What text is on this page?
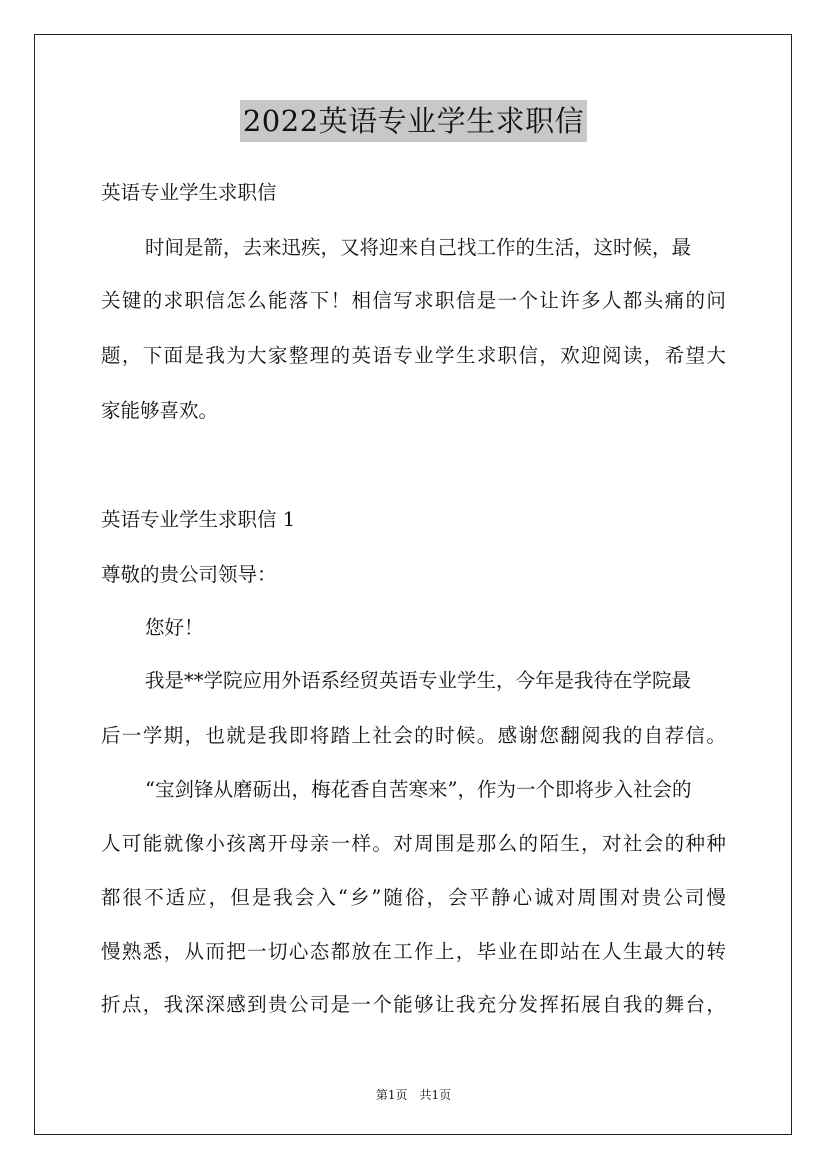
2022英语专业学生求职信
英语专业学生求职信
时间是箭，去来迅疾，又将迎来自己找工作的生活，这时候，最
关 键 的 求 职 信 怎 么 能 落 下 ！ 相 信 写 求 职 信 是 一 个 让 许 多 人 都 头 痛 的 问
题 ， 下 面 是 我 为 大 家 整 理 的 英 语 专 业 学 生 求 职 信 ， 欢 迎 阅 读 ， 希 望 大
家能够喜欢。
英语专业学生求职信 1
尊敬的贵公司领导：
您好！
我是**学院应用外语系经贸英语专业学生，今年是我待在学院最
后 一 学 期 ， 也 就 是 我 即 将 踏 上 社 会 的 时 候 。 感 谢 您 翻 阅 我 的 自 荐 信 。
“宝剑锋从磨砺出，梅花香自苦寒来”，作为一个即将步入社会的
人 可 能 就 像 小 孩 离 开 母 亲 一 样 。 对 周 围 是 那 么 的 陌 生 ， 对 社 会 的 种 种
都 很 不 适 应 ， 但 是 我 会 入 “ 乡 ” 随 俗 ， 会 平 静 心 诚 对 周 围 对 贵 公 司 慢
慢 熟 悉 ， 从 而 把 一 切 心 态 都 放 在 工 作 上 ， 毕 业 在 即 站 在 人 生 最 大 的 转
折 点 ， 我 深 深 感 到 贵 公 司 是 一 个 能 够 让 我 充 分 发 挥 拓 展 自 我 的 舞 台 ，
第1页　共1页
